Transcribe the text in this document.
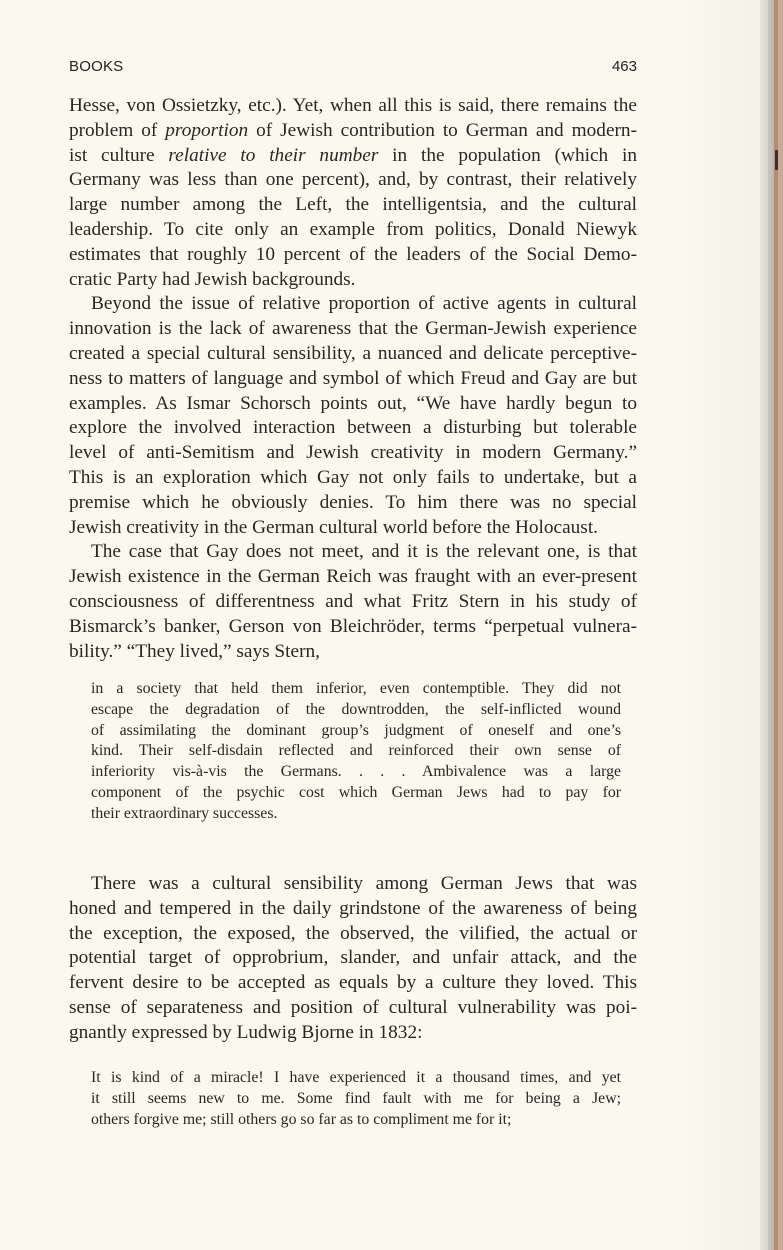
BOOKS	463
Hesse, von Ossietzky, etc.). Yet, when all this is said, there remains the
problem of proportion of Jewish contribution to German and modern-
ist culture relative to their number in the population (which in
Germany was less than one percent), and, by contrast, their relatively
large number among the Left, the intelligentsia, and the cultural
leadership. To cite only an example from politics, Donald Niewyk
estimates that roughly 10 percent of the leaders of the Social Demo-
cratic Party had Jewish backgrounds.
Beyond the issue of relative proportion of active agents in cultural
innovation is the lack of awareness that the German-Jewish experience
created a special cultural sensibility, a nuanced and delicate perceptive-
ness to matters of language and symbol of which Freud and Gay are but
examples. As Ismar Schorsch points out, “We have hardly begun to
explore the involved interaction between a disturbing but tolerable
level of anti-Semitism and Jewish creativity in modern Germany.”
This is an exploration which Gay not only fails to undertake, but a
premise which he obviously denies. To him there was no special
Jewish creativity in the German cultural world before the Holocaust.
The case that Gay does not meet, and it is the relevant one, is that
Jewish existence in the German Reich was fraught with an ever-present
consciousness of differentness and what Fritz Stern in his study of
Bismarck’s banker, Gerson von Bleichröder, terms “perpetual vulnera-
bility.” “They lived,” says Stern,
in a society that held them inferior, even contemptible. They did not
escape the degradation of the downtrodden, the self-inflicted wound
of assimilating the dominant group’s judgment of oneself and one’s
kind. Their self-disdain reflected and reinforced their own sense of
inferiority vis-à-vis the Germans. . . . Ambivalence was a large
component of the psychic cost which German Jews had to pay for
their extraordinary successes.
There was a cultural sensibility among German Jews that was
honed and tempered in the daily grindstone of the awareness of being
the exception, the exposed, the observed, the vilified, the actual or
potential target of opprobrium, slander, and unfair attack, and the
fervent desire to be accepted as equals by a culture they loved. This
sense of separateness and position of cultural vulnerability was poi-
gnantly expressed by Ludwig Bjorne in 1832:
It is kind of a miracle! I have experienced it a thousand times, and yet
it still seems new to me. Some find fault with me for being a Jew;
others forgive me; still others go so far as to compliment me for it;
